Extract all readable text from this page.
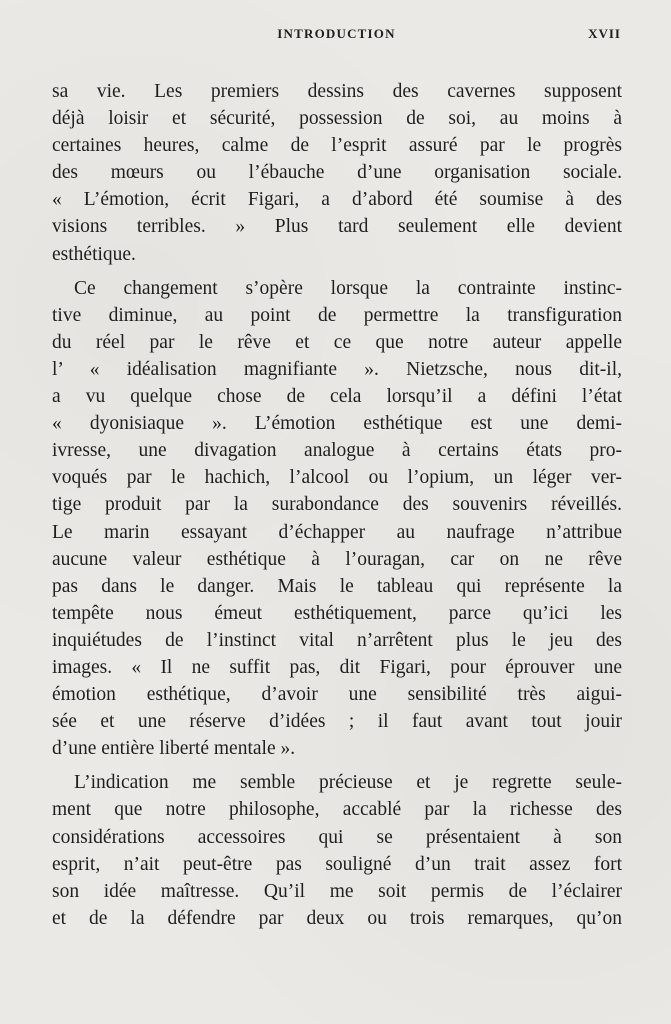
INTRODUCTION	XVII
sa vie. Les premiers dessins des cavernes supposent
déjà loisir et sécurité, possession de soi, au moins à
certaines heures, calme de l’esprit assuré par le progrès
des mœurs ou l’ébauche d’une organisation sociale.
« L’émotion, écrit Figari, a d’abord été soumise à des
visions terribles. » Plus tard seulement elle devient
esthétique.
Ce changement s’opère lorsque la contrainte instinc-
tive diminue, au point de permettre la transfiguration
du réel par le rêve et ce que notre auteur appelle
l’ « idéalisation magnifiante ». Nietzsche, nous dit-il,
a vu quelque chose de cela lorsqu’il a défini l’état
« dyonisiaque ». L’émotion esthétique est une demi-
ivresse, une divagation analogue à certains états pro-
voqués par le hachich, l’alcool ou l’opium, un léger ver-
tige produit par la surabondance des souvenirs réveillés.
Le marin essayant d’échapper au naufrage n’attribue
aucune valeur esthétique à l’ouragan, car on ne rêve
pas dans le danger. Mais le tableau qui représente la
tempête nous émeut esthétiquement, parce qu’ici les
inquiétudes de l’instinct vital n’arrêtent plus le jeu des
images. « Il ne suffit pas, dit Figari, pour éprouver une
émotion esthétique, d’avoir une sensibilité très aigui-
sée et une réserve d’idées ; il faut avant tout jouir
d’une entière liberté mentale ».
L’indication me semble précieuse et je regrette seule-
ment que notre philosophe, accablé par la richesse des
considérations accessoires qui se présentaient à son
esprit, n’ait peut-être pas souligné d’un trait assez fort
son idée maîtresse. Qu’il me soit permis de l’éclairer
et de la défendre par deux ou trois remarques, qu’on
